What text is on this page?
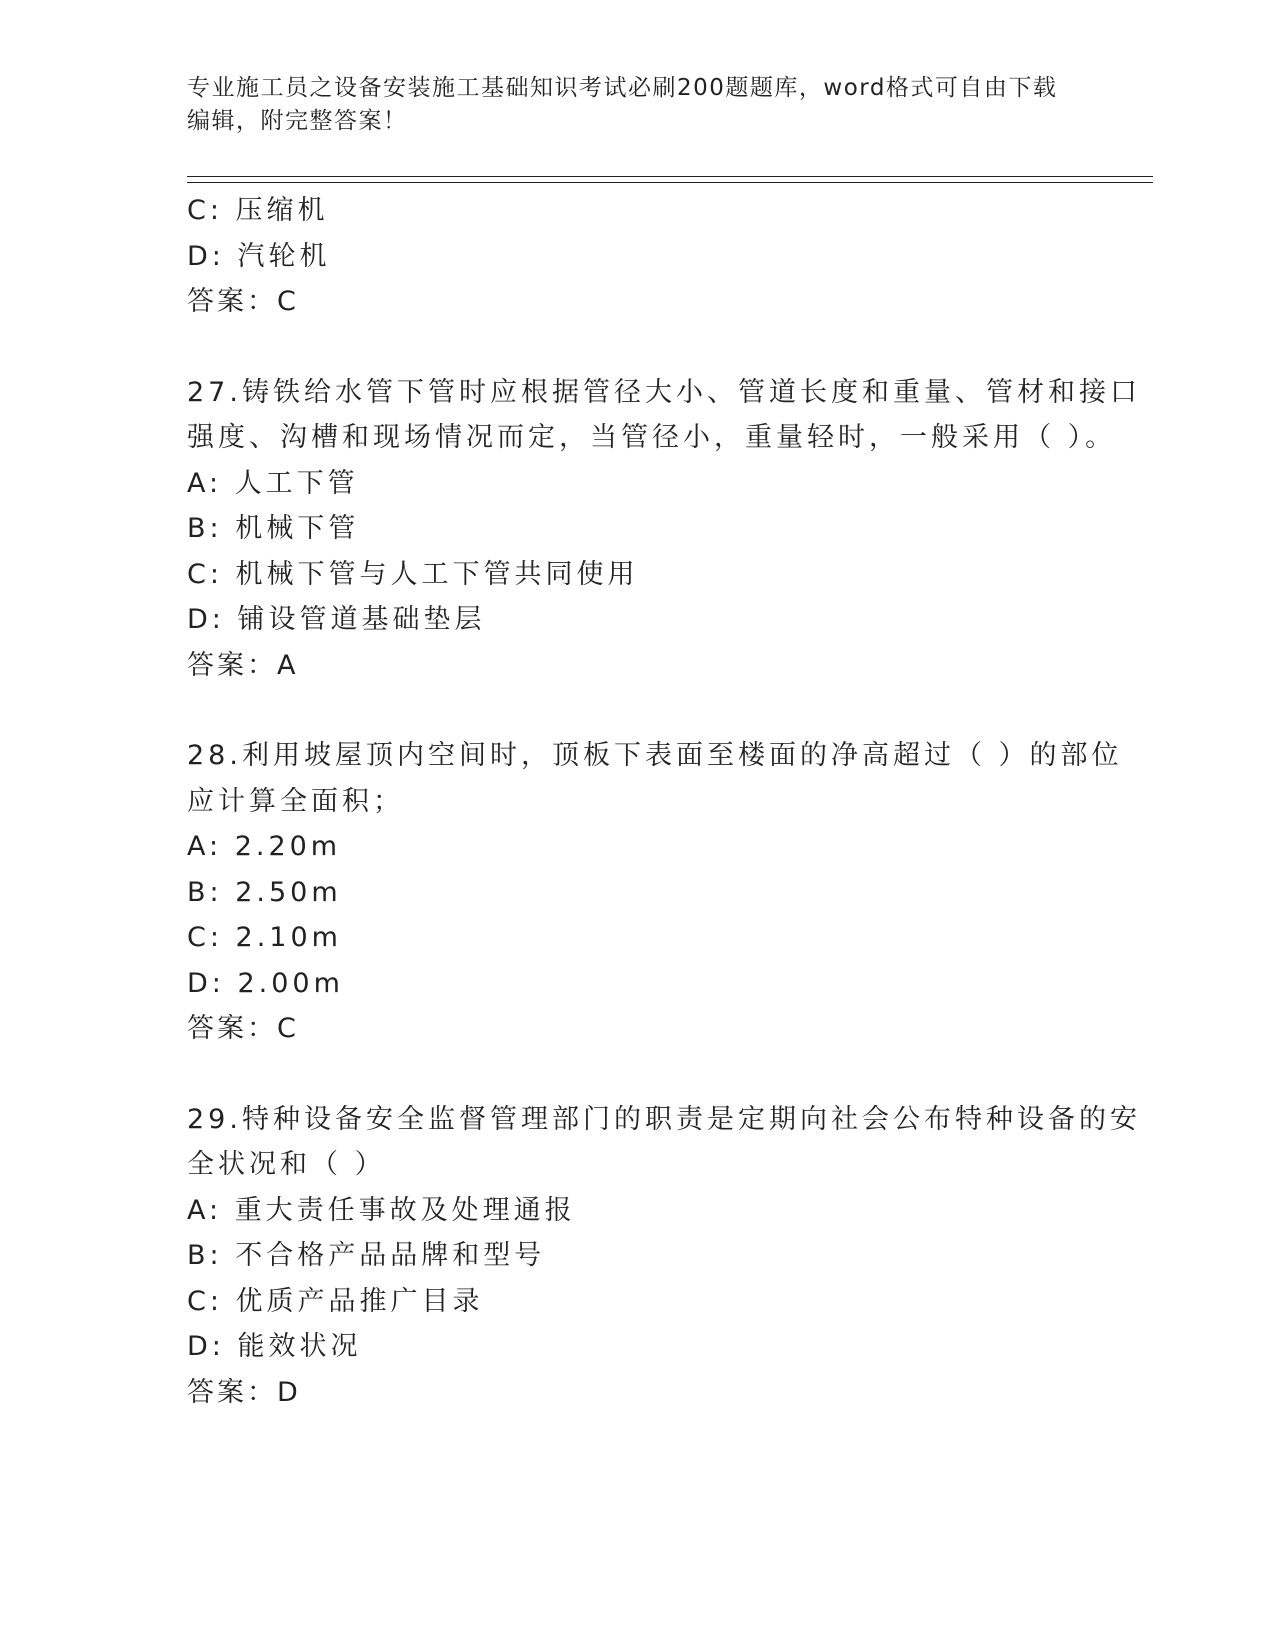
专业施工员之设备安装施工基础知识考试必刷200题题库，word格式可自由下载
编辑，附完整答案！
C: 压缩机
D: 汽轮机
答案：C
27.铸铁给水管下管时应根据管径大小、管道长度和重量、管材和接口
强度、沟槽和现场情况而定，当管径小，重量轻时，一般采用（ ）。
A: 人工下管
B: 机械下管
C: 机械下管与人工下管共同使用
D: 铺设管道基础垫层
答案：A
28.利用坡屋顶内空间时，顶板下表面至楼面的净高超过（ ）的部位
应计算全面积；
A: 2.20m
B: 2.50m
C: 2.10m
D: 2.00m
答案：C
29.特种设备安全监督管理部门的职责是定期向社会公布特种设备的安
全状况和（ ）
A: 重大责任事故及处理通报
B: 不合格产品品牌和型号
C: 优质产品推广目录
D: 能效状况
答案：D
